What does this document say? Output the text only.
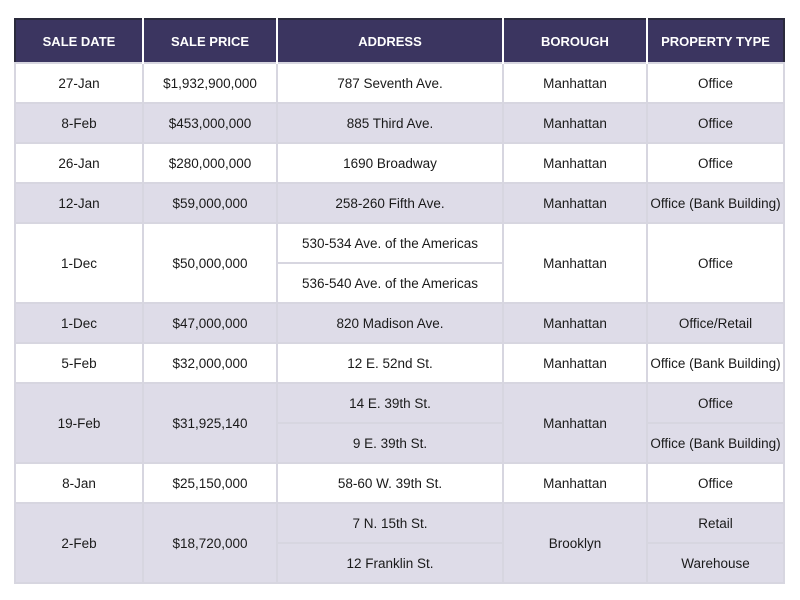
SALE DATE	SALE PRICE	ADDRESS	BOROUGH	PROPERTY TYPE
27-Jan	$1,932,900,000	787 Seventh Ave.	Manhattan	Office
8-Feb	$453,000,000	885 Third Ave.	Manhattan	Office
26-Jan	$280,000,000	1690 Broadway	Manhattan	Office
12-Jan	$59,000,000	258-260 Fifth Ave.	Manhattan	Office (Bank Building)
1-Dec	$50,000,000	530-534 Ave. of the Americas	Manhattan	Office
		536-540 Ave. of the Americas		
1-Dec	$47,000,000	820 Madison Ave.	Manhattan	Office/Retail
5-Feb	$32,000,000	12 E. 52nd St.	Manhattan	Office (Bank Building)
19-Feb	$31,925,140	14 E. 39th St.	Manhattan	Office
		9 E. 39th St.		Office (Bank Building)
8-Jan	$25,150,000	58-60 W. 39th St.	Manhattan	Office
2-Feb	$18,720,000	7 N. 15th St.	Brooklyn	Retail
		12 Franklin St.		Warehouse
